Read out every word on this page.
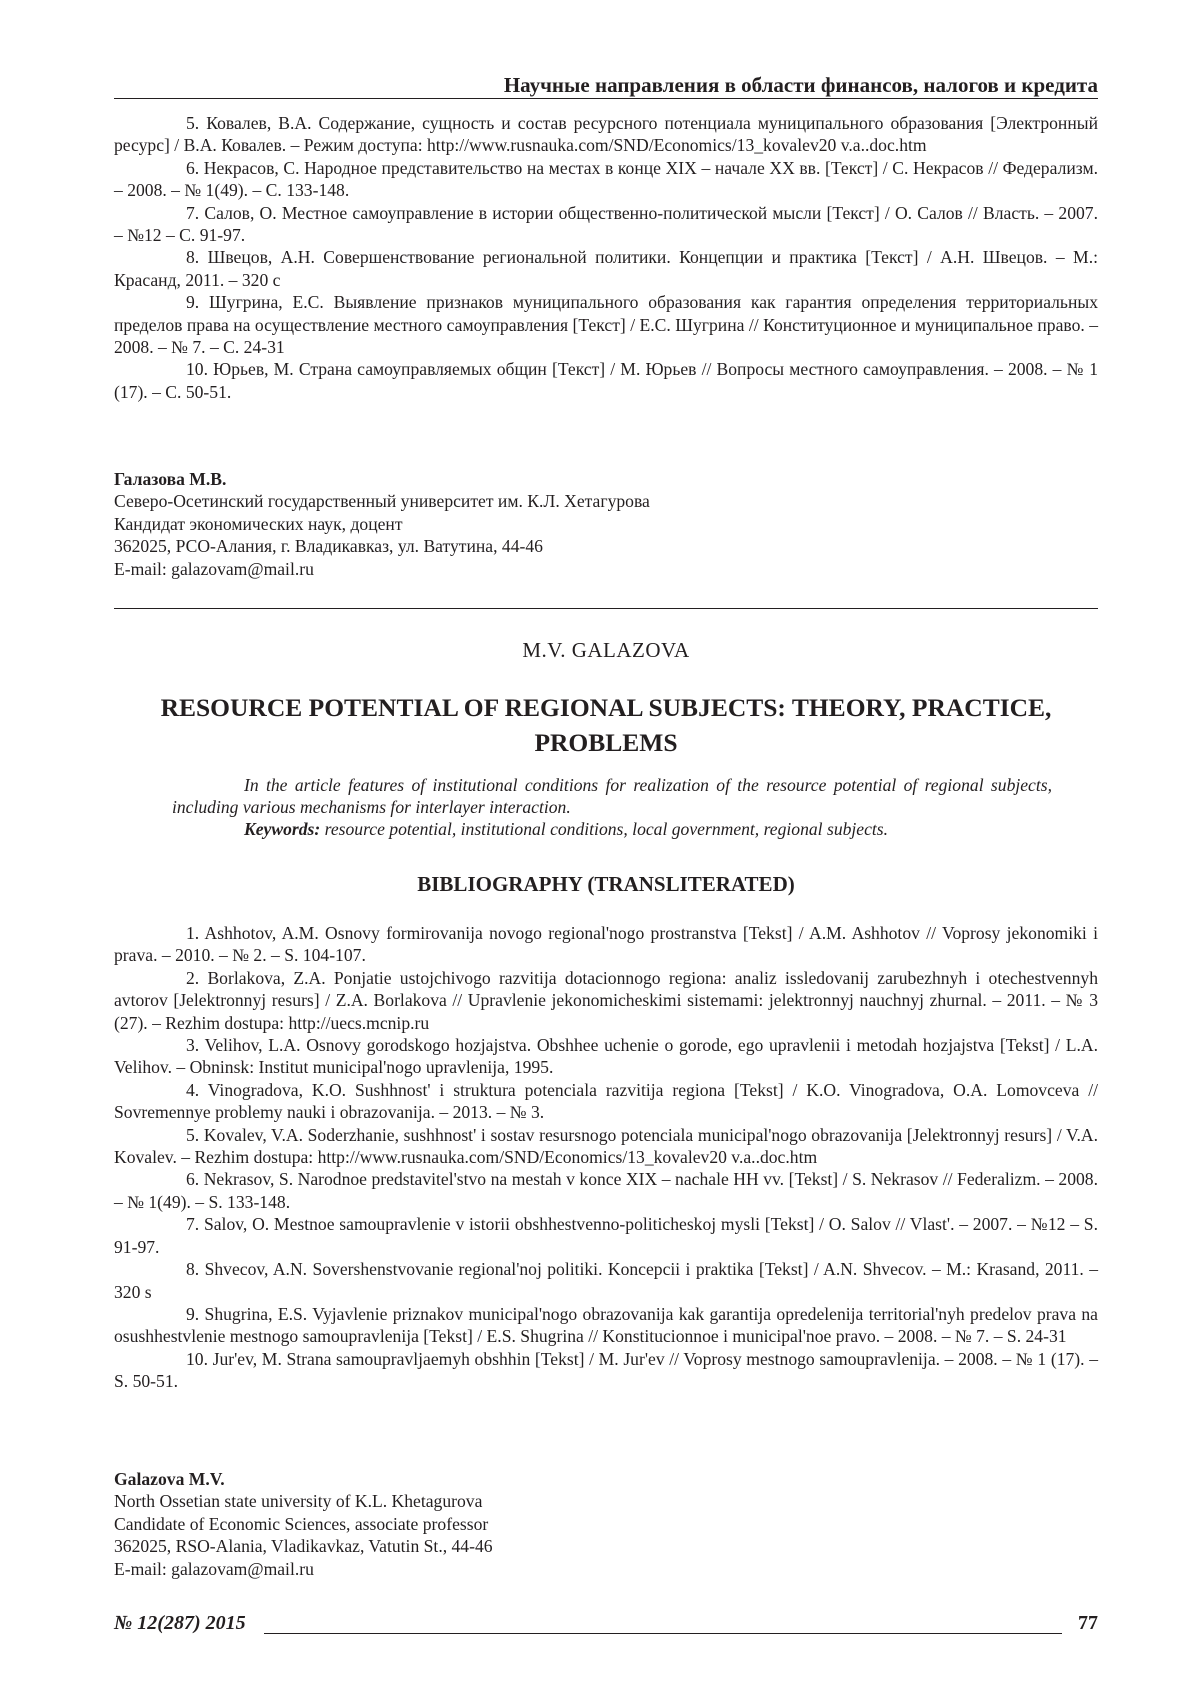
Научные направления в области финансов, налогов и кредита

5. Ковалев, В.А. Содержание, сущность и состав ресурсного потенциала муниципального образования [Электронный ресурс] / В.А. Ковалев. – Режим доступа: http://www.rusnauka.com/SND/Economics/13_kovalev20 v.a..doc.htm

6. Некрасов, С. Народное представительство на местах в конце XIX – начале XX вв. [Текст] / С. Некрасов // Федерализм. – 2008. – № 1(49). – С. 133-148.

7. Салов, О. Местное самоуправление в истории общественно-политической мысли [Текст] / О. Салов // Власть. – 2007. – №12 – С. 91-97.

8. Швецов, А.Н. Совершенствование региональной политики. Концепции и практика [Текст] / А.Н. Швецов. – М.: Красанд, 2011. – 320 с

9. Шугрина, Е.С. Выявление признаков муниципального образования как гарантия определения территориальных пределов права на осуществление местного самоуправления [Текст] / Е.С. Шугрина // Конституционное и муниципальное право. – 2008. – № 7. – С. 24-31

10. Юрьев, М. Страна самоуправляемых общин [Текст] / М. Юрьев // Вопросы местного самоуправления. – 2008. – № 1 (17). – С. 50-51.

Галазова М.В.
Северо-Осетинский государственный университет им. К.Л. Хетагурова
Кандидат экономических наук, доцент
362025, РСО-Алания, г. Владикавказ, ул. Ватутина, 44-46
E-mail: galazovam@mail.ru
M.V. GALAZOVA
RESOURCE POTENTIAL OF REGIONAL SUBJECTS: THEORY, PRACTICE, PROBLEMS

In the article features of institutional conditions for realization of the resource potential of regional subjects, including various mechanisms for interlayer interaction.

Keywords: resource potential, institutional conditions, local government, regional subjects.

BIBLIOGRAPHY (TRANSLITERATED)

1. Ashhotov, A.M. Osnovy formirovanija novogo regional'nogo prostranstva [Tekst] / A.M. Ashhotov // Voprosy jekonomiki i prava. – 2010. – № 2. – S. 104-107.

2. Borlakova, Z.A. Ponjatie ustojchivogo razvitija dotacionnogo regiona: analiz issledovanij zarubezhnyh i otechestvennyh avtorov [Jelektronnyj resurs] / Z.A. Borlakova // Upravlenie jekonomicheskimi sistemami: jelektronnyj nauchnyj zhurnal. – 2011. – № 3 (27). – Rezhim dostupa: http://uecs.mcnip.ru

3. Velihov, L.A. Osnovy gorodskogo hozjajstva. Obshhee uchenie o gorode, ego upravlenii i metodah hozjajstva [Tekst] / L.A. Velihov. – Obninsk: Institut municipal'nogo upravlenija, 1995.

4. Vinogradova, K.O. Sushhnost' i struktura potenciala razvitija regiona [Tekst] / K.O. Vinogradova, O.A. Lomovceva // Sovremennye problemy nauki i obrazovanija. – 2013. – № 3.

5. Kovalev, V.A. Soderzhanie, sushhnost' i sostav resursnogo potenciala municipal'nogo obrazovanija [Jelektronnyj resurs] / V.A. Kovalev. – Rezhim dostupa: http://www.rusnauka.com/SND/Economics/13_kovalev20 v.a..doc.htm

6. Nekrasov, S. Narodnoe predstavitel'stvo na mestah v konce XIX – nachale HH vv. [Tekst] / S. Nekrasov // Federalizm. – 2008. – № 1(49). – S. 133-148.

7. Salov, O. Mestnoe samoupravlenie v istorii obshhestvenno-politicheskoj mysli [Tekst] / O. Salov // Vlast'. – 2007. – №12 – S. 91-97.

8. Shvecov, A.N. Sovershenstvovanie regional'noj politiki. Koncepcii i praktika [Tekst] / A.N. Shvecov. – M.: Krasand, 2011. – 320 s

9. Shugrina, E.S. Vyjavlenie priznakov municipal'nogo obrazovanija kak garantija opredelenija territorial'nyh predelov prava na osushhestvlenie mestnogo samoupravlenija [Tekst] / E.S. Shugrina // Konstitucionnoe i municipal'noe pravo. – 2008. – № 7. – S. 24-31

10. Jur'ev, M. Strana samoupravljaemyh obshhin [Tekst] / M. Jur'ev // Voprosy mestnogo samoupravlenija. – 2008. – № 1 (17). – S. 50-51.

Galazova M.V.
North Ossetian state university of K.L. Khetagurova
Candidate of Economic Sciences, associate professor
362025, RSO-Alania, Vladikavkaz, Vatutin St., 44-46
E-mail: galazovam@mail.ru
№ 12(287) 2015	77
